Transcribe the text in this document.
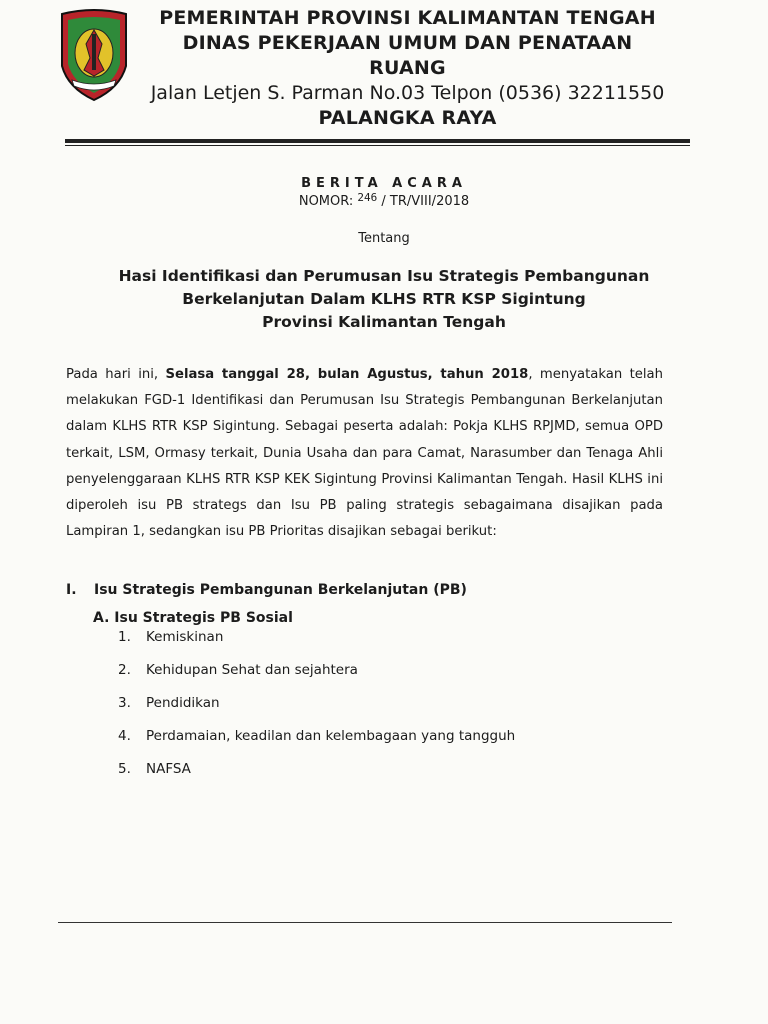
PEMERINTAH PROVINSI KALIMANTAN TENGAH
DINAS PEKERJAAN UMUM DAN PENATAAN
RUANG
Jalan Letjen S. Parman No.03 Telpon (0536) 32211550
PALANGKA RAYA
BERITA ACARA
NOMOR: $^{246}$ / TR/VIII/2018
Tentang
Hasi Identifikasi dan Perumusan Isu Strategis Pembangunan
Berkelanjutan Dalam KLHS RTR KSP Sigintung
Provinsi Kalimantan Tengah
Pada hari ini, Selasa tanggal 28, bulan Agustus, tahun 2018, menyatakan telah melakukan FGD-1 Identifikasi dan Perumusan Isu Strategis Pembangunan Berkelanjutan dalam KLHS RTR KSP Sigintung. Sebagai peserta adalah: Pokja KLHS RPJMD, semua OPD terkait, LSM, Ormasy terkait, Dunia Usaha dan para Camat, Narasumber dan Tenaga Ahli penyelenggaraan KLHS RTR KSP KEK Sigintung Provinsi Kalimantan Tengah. Hasil KLHS ini diperoleh isu PB strategs dan Isu PB paling strategis sebagaimana disajikan pada Lampiran 1, sedangkan isu PB Prioritas disajikan sebagai berikut:
I. Isu Strategis Pembangunan Berkelanjutan (PB)
A. Isu Strategis PB Sosial
1. Kemiskinan
2. Kehidupan Sehat dan sejahtera
3. Pendidikan
4. Perdamaian, keadilan dan kelembagaan yang tangguh
5. NAFSA
